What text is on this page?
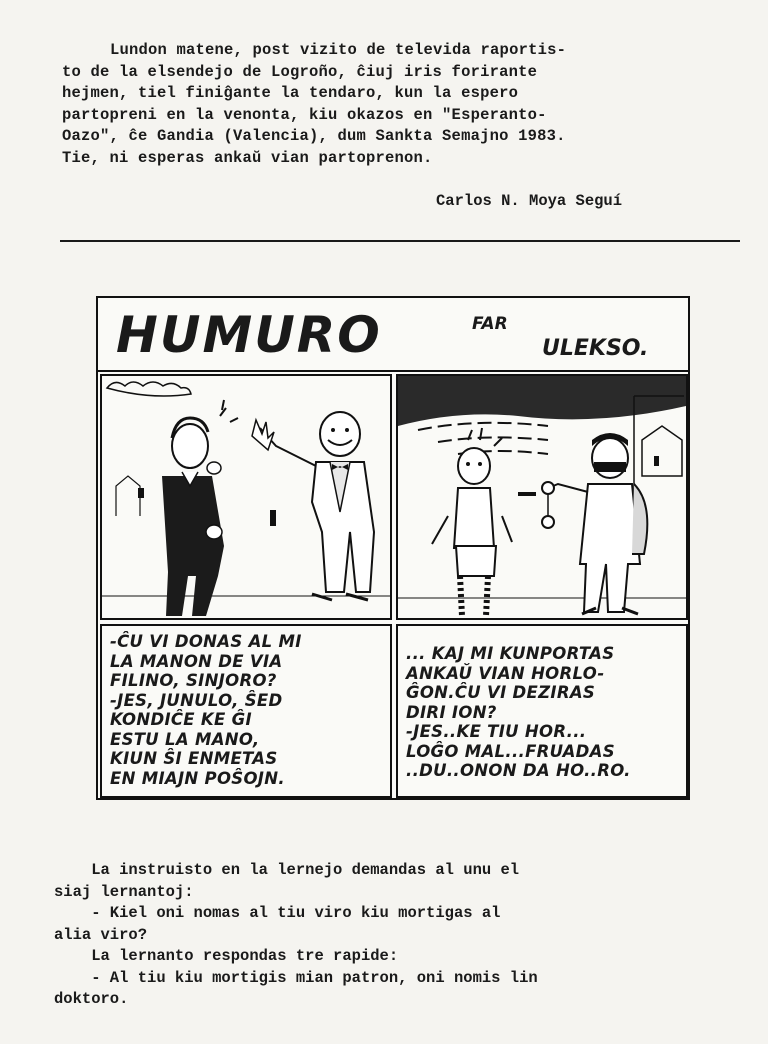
Lundon matene, post vizito de televida raportis-
to de la elsendejo de Logroño, ĉiuj iris forirante
hejmen, tiel finiĝante la tendaro, kun la espero
partopreni en la venonta, kiu okazos en "Esperanto-
Oazo", ĉe Gandia (Valencia), dum Sankta Semajno 1983.
Tie, ni esperas ankaŭ vian partoprenon.
Carlos N. Moya Seguí
HUMURO	FAR
ULEKSO.
-ĈU VI DONAS AL MI
LA MANON DE VIA
FILINO, SINJORO?
-JES, JUNULO, ŜED
KONDIĈE KE ĜI
ESTU LA MANO,
KIUN ŜI ENMETAS
EN MIAJN POŜOJN.
... KAJ MI KUNPORTAS
ANKAŬ VIAN HORLO-
ĜON.ĈU VI DEZIRAS
DIRI ION?
-JES..KE TIU HOR...
LOĜO MAL...FRUADAS
..DU..ONON DA HO..RO.
La instruisto en la lernejo demandas al unu el
siaj lernantoj:
- Kiel oni nomas al tiu viro kiu mortigas al
alia viro?
La lernanto respondas tre rapide:
- Al tiu kiu mortigis mian patron, oni nomis lin
doktoro.
